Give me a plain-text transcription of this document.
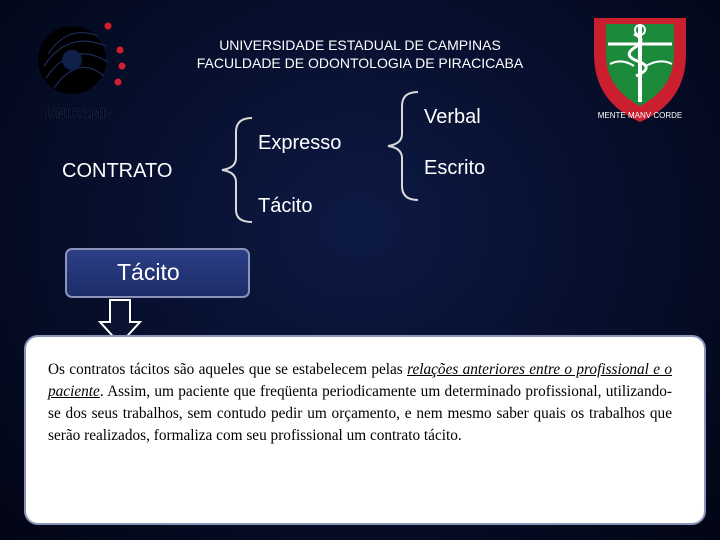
UNIVERSIDADE ESTADUAL DE CAMPINAS
FACULDADE DE ODONTOLOGIA DE PIRACICABA
UNICAMP	MENTE MANV CORDE
CONTRATO
Expresso
Tácito
Verbal
Escrito
Tácito
Os contratos tácitos são aqueles que se estabelecem pelas relações anteriores entre o profissional e o paciente. Assim, um paciente que freqüenta periodicamente um determinado profissional, utilizando-se dos seus trabalhos, sem contudo pedir um orçamento, e nem mesmo saber quais os trabalhos que serão realizados, formaliza com seu profissional um contrato tácito.
